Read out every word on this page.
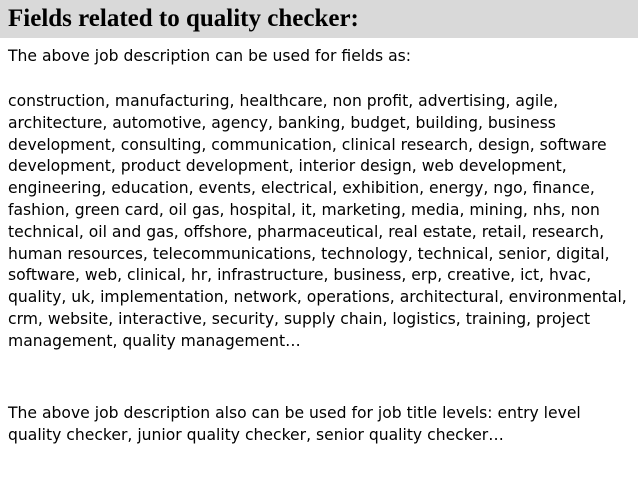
Fields related to quality checker:

The above job description can be used for fields as:

construction, manufacturing, healthcare, non profit, advertising, agile, architecture, automotive, agency, banking, budget, building, business development, consulting, communication, clinical research, design, software development, product development, interior design, web development, engineering, education, events, electrical, exhibition, energy, ngo, finance, fashion, green card, oil gas, hospital, it, marketing, media, mining, nhs, non technical, oil and gas, offshore, pharmaceutical, real estate, retail, research, human resources, telecommunications, technology, technical, senior, digital, software, web, clinical, hr, infrastructure, business, erp, creative, ict, hvac, quality, uk, implementation, network, operations, architectural, environmental, crm, website, interactive, security, supply chain, logistics, training, project management, quality management…

The above job description also can be used for job title levels: entry level quality checker, junior quality checker, senior quality checker…
